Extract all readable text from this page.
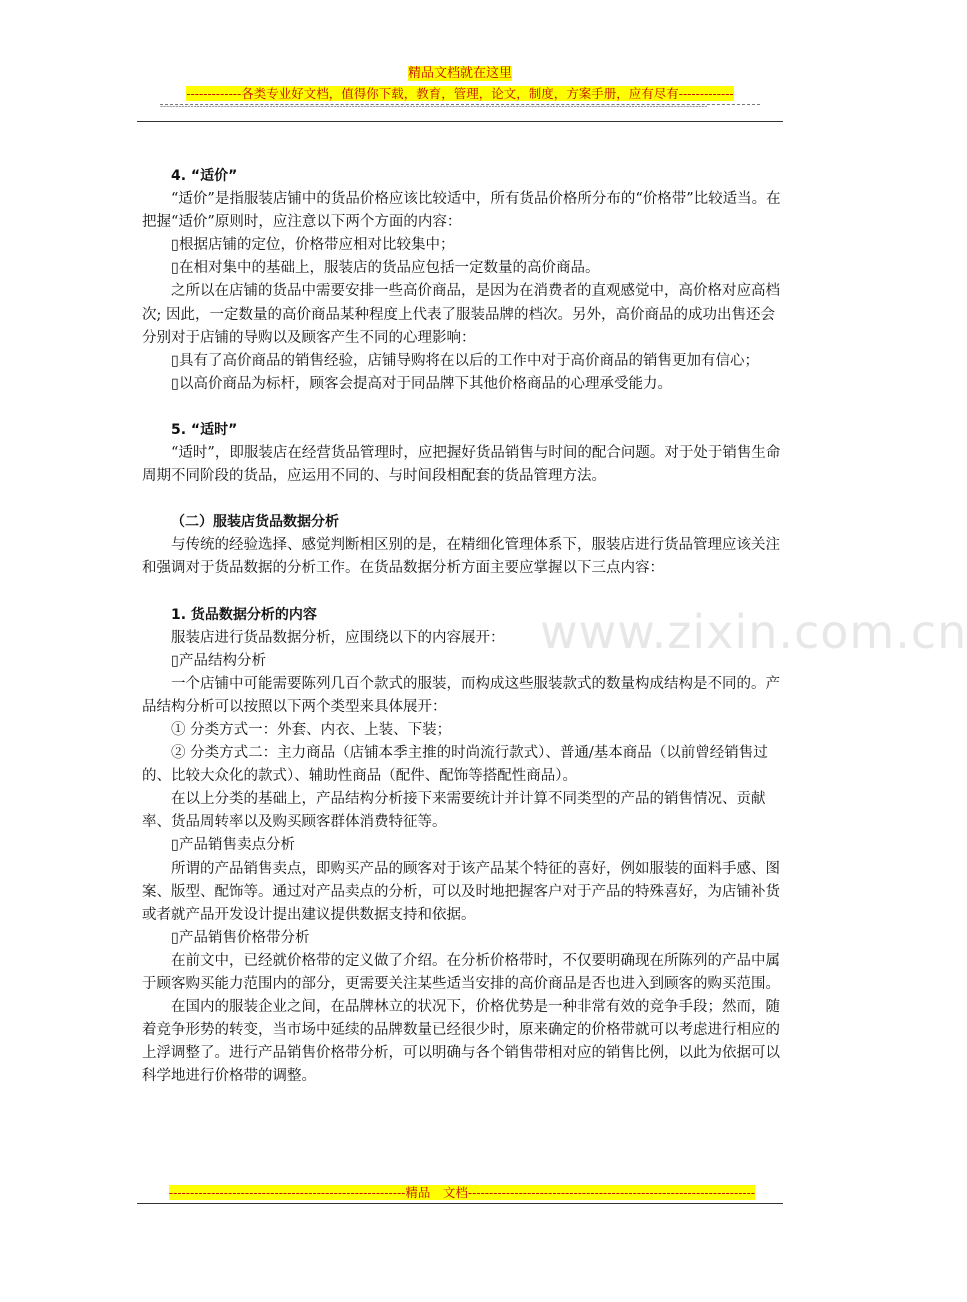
精品文档就在这里
-------------各类专业好文档，值得你下载，教育，管理，论文，制度，方案手册，应有尽有-------------
------------------------------------------------------------------------------------------------------------------------------------------------------------------------------------
www.zixin.com.cn

4. “适价”

“适价”是指服装店铺中的货品价格应该比较适中，所有货品价格所分布的“价格带”比较适当。在把握“适价”原则时，应注意以下两个方面的内容：

▯根据店铺的定位，价格带应相对比较集中；

▯在相对集中的基础上，服装店的货品应包括一定数量的高价商品。

之所以在店铺的货品中需要安排一些高价商品，是因为在消费者的直观感觉中，高价格对应高档次; 因此，一定数量的高价商品某种程度上代表了服装品牌的档次。另外，高价商品的成功出售还会分别对于店铺的导购以及顾客产生不同的心理影响：

▯具有了高价商品的销售经验，店铺导购将在以后的工作中对于高价商品的销售更加有信心；

▯以高价商品为标杆，顾客会提高对于同品牌下其他价格商品的心理承受能力。

5. “适时”

“适时”，即服装店在经营货品管理时，应把握好货品销售与时间的配合问题。对于处于销售生命周期不同阶段的货品，应运用不同的、与时间段相配套的货品管理方法。

（二）服装店货品数据分析

与传统的经验选择、感觉判断相区别的是，在精细化管理体系下，服装店进行货品管理应该关注和强调对于货品数据的分析工作。在货品数据分析方面主要应掌握以下三点内容：

1. 货品数据分析的内容

服装店进行货品数据分析，应围绕以下的内容展开：

▯产品结构分析

一个店铺中可能需要陈列几百个款式的服装，而构成这些服装款式的数量构成结构是不同的。产品结构分析可以按照以下两个类型来具体展开：

① 分类方式一：外套、内衣、上装、下装；

② 分类方式二：主力商品（店铺本季主推的时尚流行款式）、普通/基本商品（以前曾经销售过的、比较大众化的款式）、辅助性商品（配件、配饰等搭配性商品）。

在以上分类的基础上，产品结构分析接下来需要统计并计算不同类型的产品的销售情况、贡献率、货品周转率以及购买顾客群体消费特征等。

▯产品销售卖点分析

所谓的产品销售卖点，即购买产品的顾客对于该产品某个特征的喜好，例如服装的面料手感、图案、版型、配饰等。通过对产品卖点的分析，可以及时地把握客户对于产品的特殊喜好，为店铺补货或者就产品开发设计提出建议提供数据支持和依据。

▯产品销售价格带分析

在前文中，已经就价格带的定义做了介绍。在分析价格带时，不仅要明确现在所陈列的产品中属于顾客购买能力范围内的部分，更需要关注某些适当安排的高价商品是否也进入到顾客的购买范围。

在国内的服装企业之间，在品牌林立的状况下，价格优势是一种非常有效的竞争手段；然而，随着竞争形势的转变，当市场中延续的品牌数量已经很少时，原来确定的价格带就可以考虑进行相应的上浮调整了。进行产品销售价格带分析，可以明确与各个销售带相对应的销售比例，以此为依据可以科学地进行价格带的调整。

--------------------------------------------------------精品　文档--------------------------------------------------------------------
